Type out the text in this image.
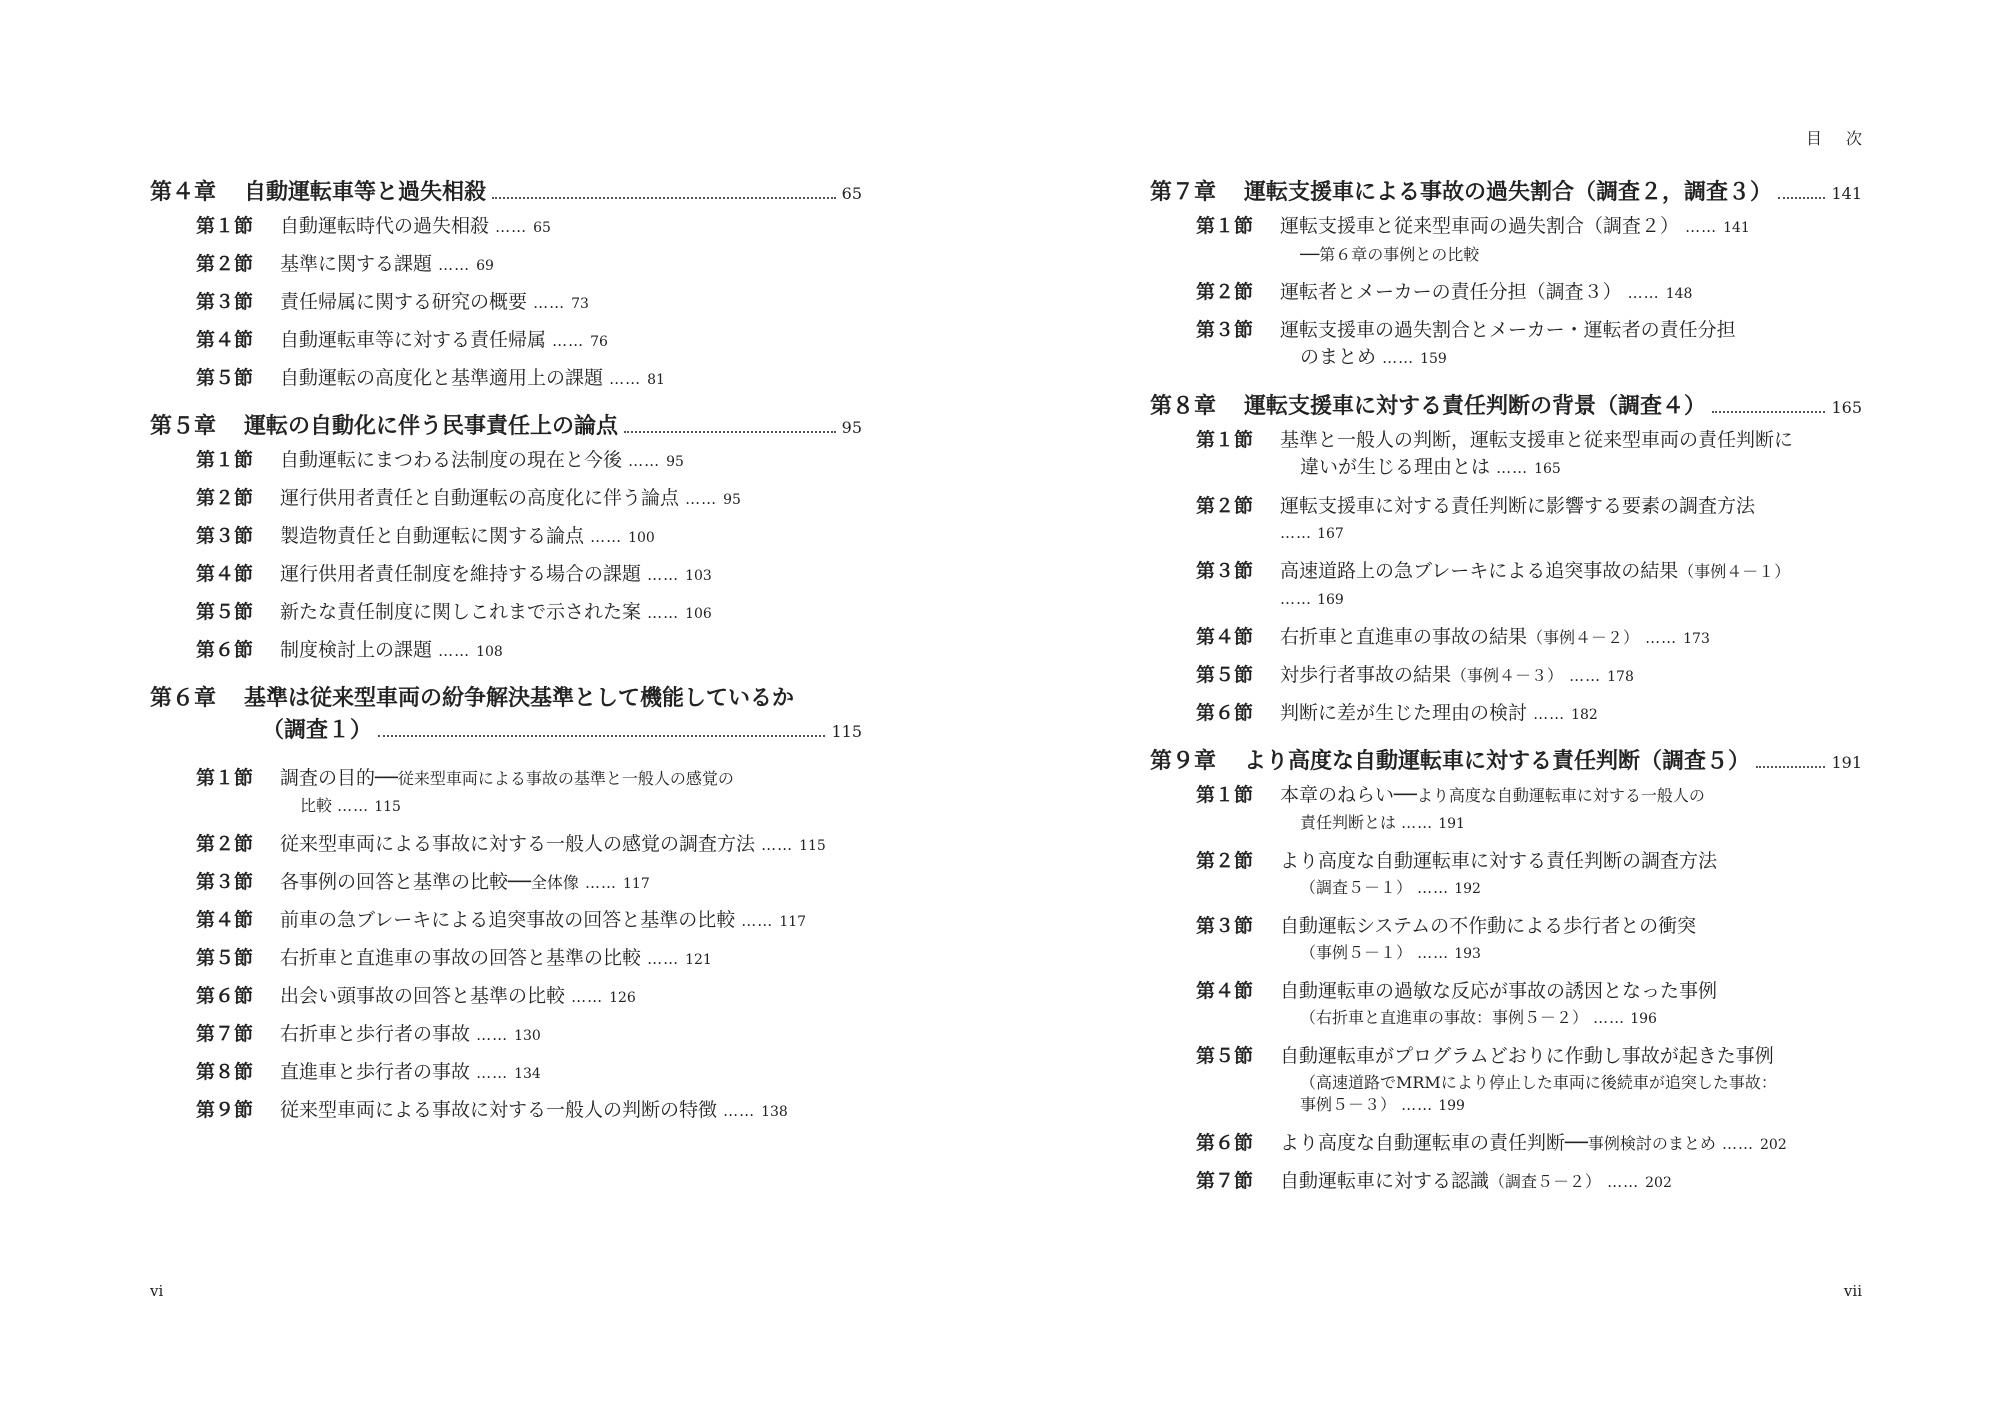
第４章	自動運転車等と過失相殺	65
第１節	自動運転時代の過失相殺 …… 65
第２節	基準に関する課題 …… 69
第３節	責任帰属に関する研究の概要 …… 73
第４節	自動運転車等に対する責任帰属 …… 76
第５節	自動運転の高度化と基準適用上の課題 …… 81
第５章	運転の自動化に伴う民事責任上の論点	95
第１節	自動運転にまつわる法制度の現在と今後 …… 95
第２節	運行供用者責任と自動運転の高度化に伴う論点 …… 95
第３節	製造物責任と自動運転に関する論点 …… 100
第４節	運行供用者責任制度を維持する場合の課題 …… 103
第５節	新たな責任制度に関しこれまで示された案 …… 106
第６節	制度検討上の課題 …… 108
第６章	基準は従来型車両の紛争解決基準として機能しているか
（調査１）	115
第１節	調査の目的──従来型車両による事故の基準と一般人の感覚の
比較 …… 115
第２節	従来型車両による事故に対する一般人の感覚の調査方法 …… 115
第３節	各事例の回答と基準の比較──全体像 …… 117
第４節	前車の急ブレーキによる追突事故の回答と基準の比較 …… 117
第５節	右折車と直進車の事故の回答と基準の比較 …… 121
第６節	出会い頭事故の回答と基準の比較 …… 126
第７節	右折車と歩行者の事故 …… 130
第８節	直進車と歩行者の事故 …… 134
第９節	従来型車両による事故に対する一般人の判断の特徴 …… 138
vi
目次
第７章	運転支援車による事故の過失割合（調査２，調査３）	141
第１節	運転支援車と従来型車両の過失割合（調査２） …… 141
──第６章の事例との比較
第２節	運転者とメーカーの責任分担（調査３） …… 148
第３節	運転支援車の過失割合とメーカー・運転者の責任分担
のまとめ …… 159
第８章	運転支援車に対する責任判断の背景（調査４）	165
第１節	基準と一般人の判断，運転支援車と従来型車両の責任判断に
違いが生じる理由とは …… 165
第２節	運転支援車に対する責任判断に影響する要素の調査方法
…… 167
第３節	高速道路上の急ブレーキによる追突事故の結果（事例４－１）
…… 169
第４節	右折車と直進車の事故の結果（事例４－２） …… 173
第５節	対歩行者事故の結果（事例４－３） …… 178
第６節	判断に差が生じた理由の検討 …… 182
第９章	より高度な自動運転車に対する責任判断（調査５）	191
第１節	本章のねらい──より高度な自動運転車に対する一般人の
責任判断とは …… 191
第２節	より高度な自動運転車に対する責任判断の調査方法
（調査５－１） …… 192
第３節	自動運転システムの不作動による歩行者との衝突
（事例５－１） …… 193
第４節	自動運転車の過敏な反応が事故の誘因となった事例
（右折車と直進車の事故：事例５－２） …… 196
第５節	自動運転車がプログラムどおりに作動し事故が起きた事例
（高速道路でMRMにより停止した車両に後続車が追突した事故：
事例５－３） …… 199
第６節	より高度な自動運転車の責任判断──事例検討のまとめ …… 202
第７節	自動運転車に対する認識（調査５－２） …… 202
vii
